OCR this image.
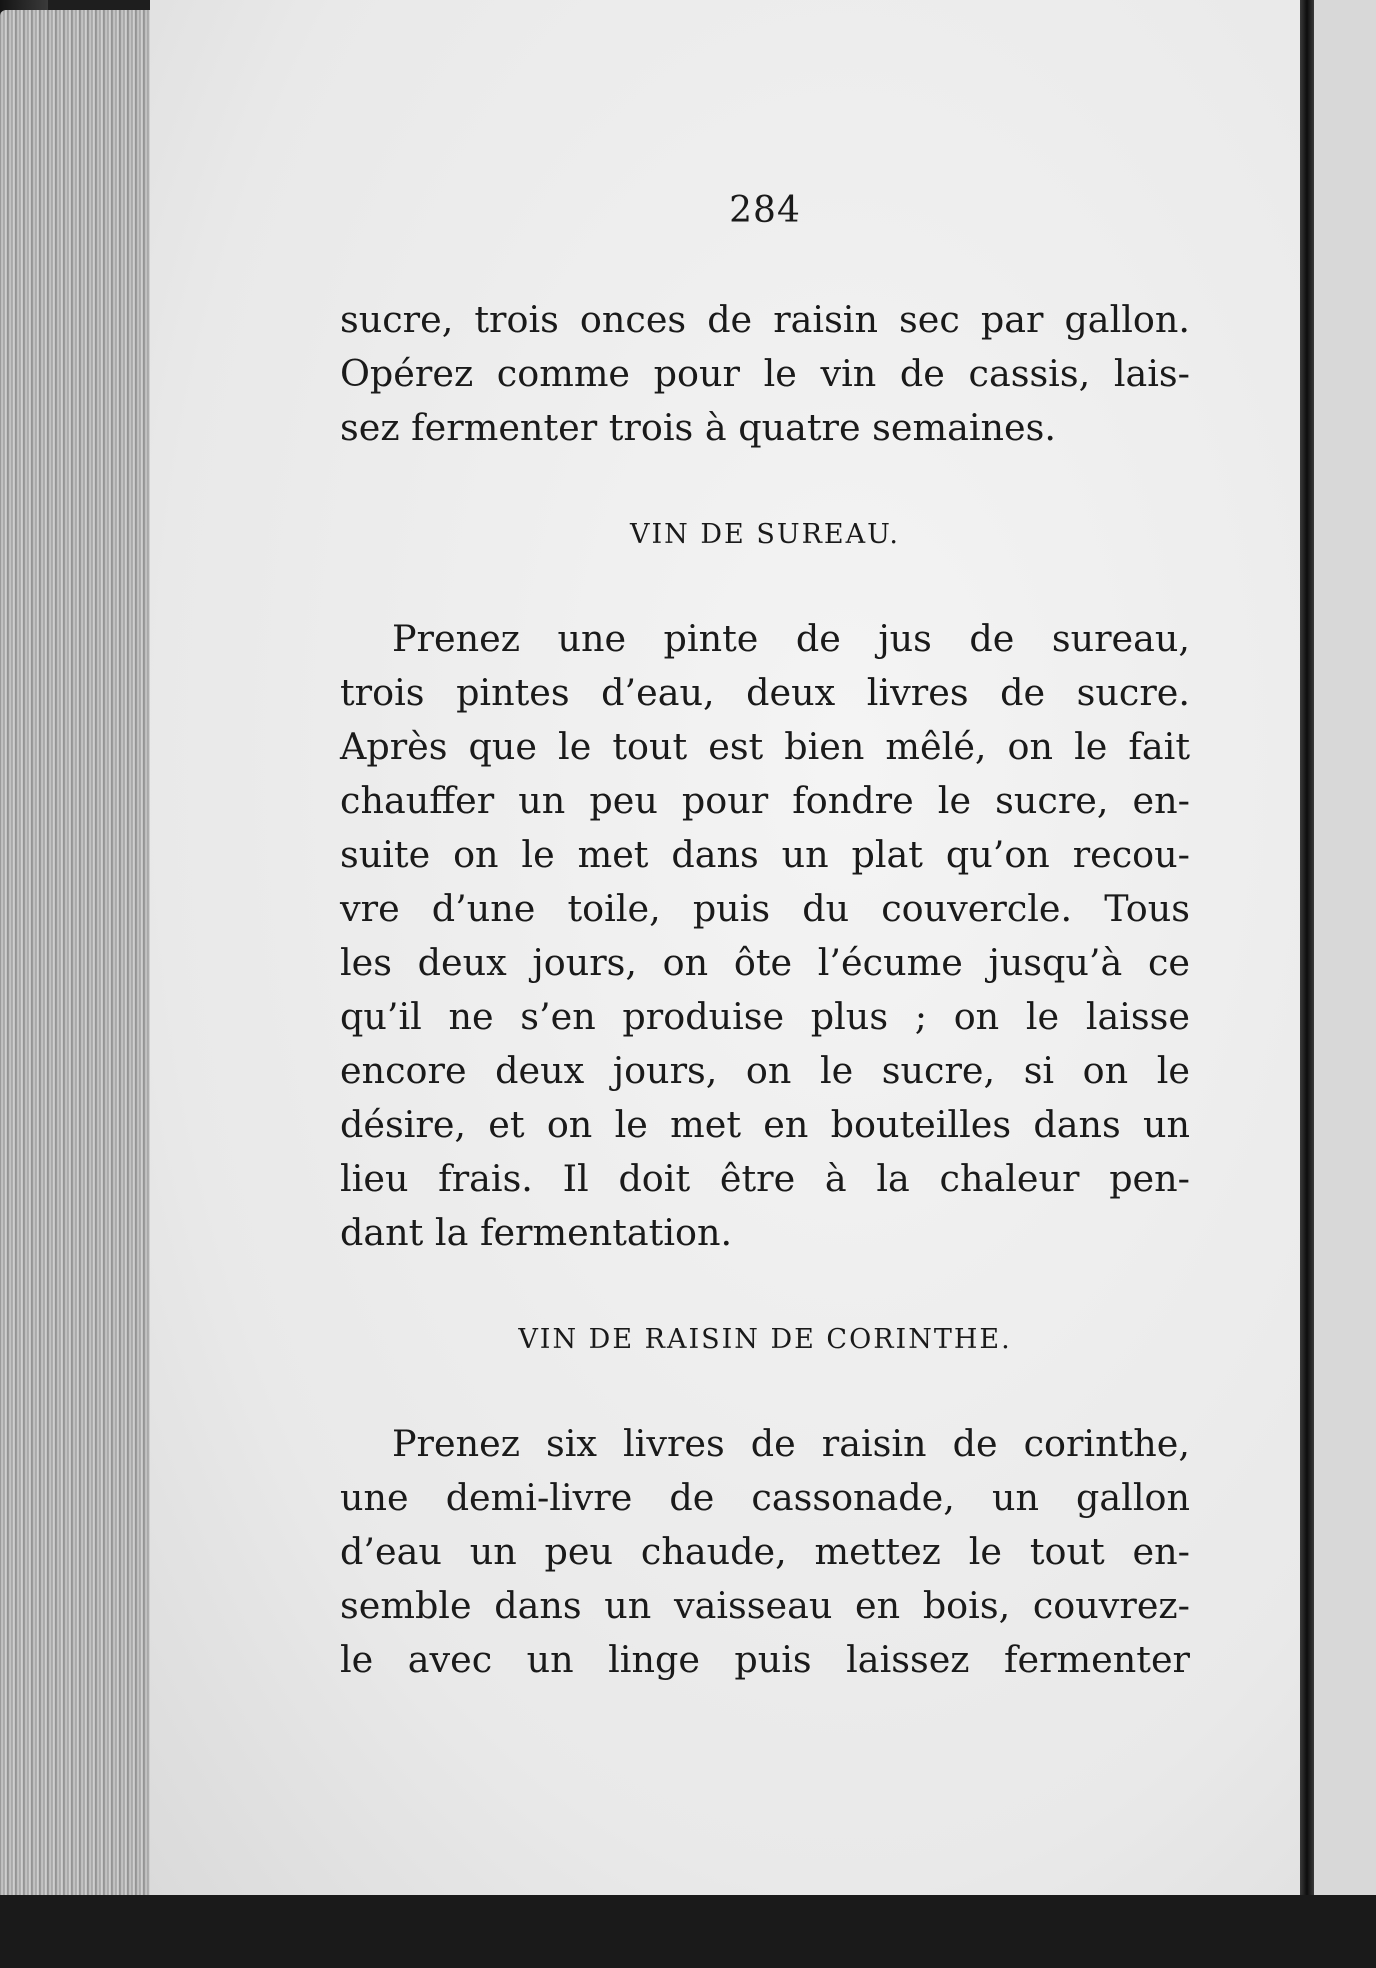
284

sucre, trois onces de raisin sec par gallon.
Opérez comme pour le vin de cassis, lais-
sez fermenter trois à quatre semaines.

VIN DE SUREAU.

Prenez une pinte de jus de sureau,
trois pintes d’eau, deux livres de sucre.
Après que le tout est bien mêlé, on le fait
chauffer un peu pour fondre le sucre, en-
suite on le met dans un plat qu’on recou-
vre d’une toile, puis du couvercle. Tous
les deux jours, on ôte l’écume jusqu’à ce
qu’il ne s’en produise plus ; on le laisse
encore deux jours, on le sucre, si on le
désire, et on le met en bouteilles dans un
lieu frais. Il doit être à la chaleur pen-
dant la fermentation.

VIN DE RAISIN DE CORINTHE.

Prenez six livres de raisin de corinthe,
une demi-livre de cassonade, un gallon
d’eau un peu chaude, mettez le tout en-
semble dans un vaisseau en bois, couvrez-
le avec un linge puis laissez fermenter
